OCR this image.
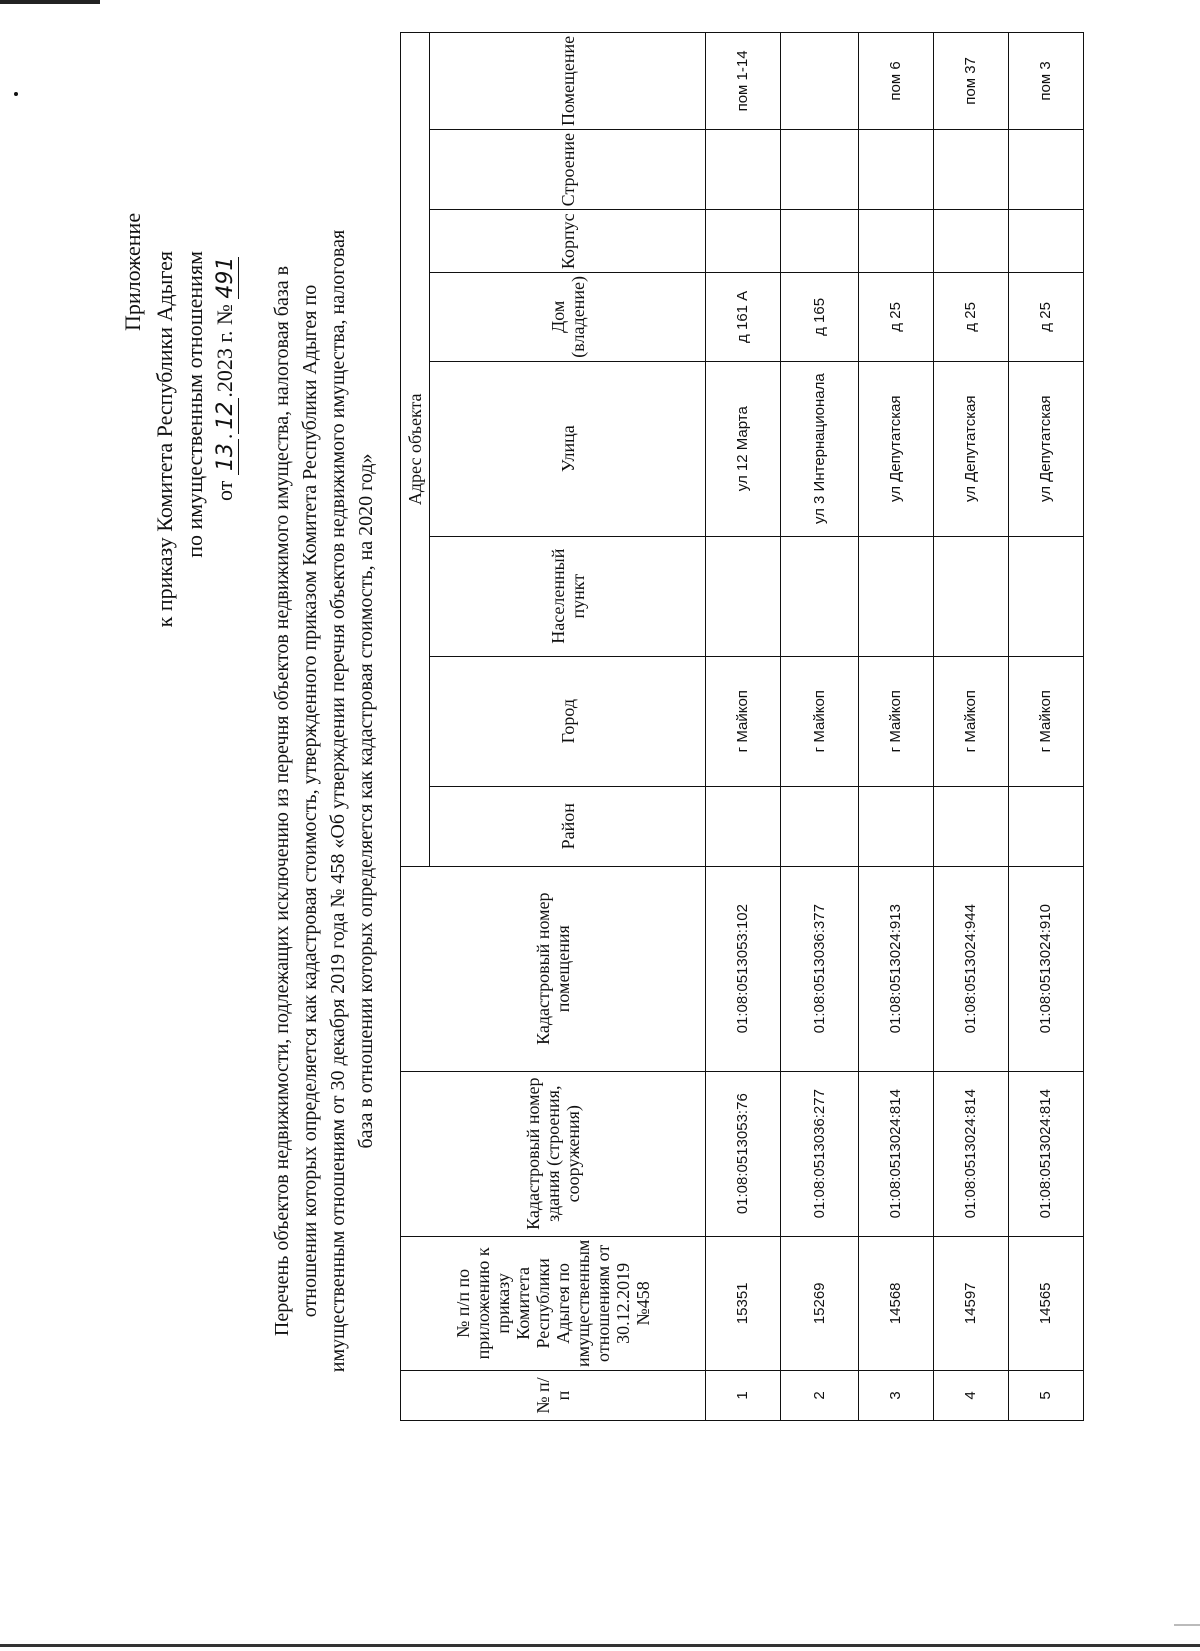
Приложение к приказу Комитета Республики Адыгея по имущественным отношениям от 13.12.2023 г. № 491 Перечень объектов недвижимости, подлежащих исключению из перечня объектов недвижимого имущества, налоговая база в отношении которых определяется как кадастровая стоимость, утвержденного приказом Комитета Республики Адыгея по имущественным отношениям от 30 декабря 2019 года № 458 «Об утверждении перечня объектов недвижимого имущества, налоговая база в отношении которых определяется как кадастровая стоимость, на 2020 год»
№ п/п	№ п/п по приложению к приказу Комитета Республики Адыгея по имущественным отношениям от 30.12.2019 №458	Кадастровый номер здания (строения, сооружения)	Кадастровый номер помещения	Адрес объекта							
				Район	Город	Населенный пункт	Улица	Дом (владение)	Корпус	Строение	Помещение
1	15351	01:08:0513053:76	01:08:0513053:102		г Майкоп		ул 12 Марта	д 161 А			пом 1-14
2	15269	01:08:0513036:277	01:08:0513036:377		г Майкоп		ул 3 Интернационала	д 165			
3	14568	01:08:0513024:814	01:08:0513024:913		г Майкоп		ул Депутатская	д 25			пом 6
4	14597	01:08:0513024:814	01:08:0513024:944		г Майкоп		ул Депутатская	д 25			пом 37
5	14565	01:08:0513024:814	01:08:0513024:910		г Майкоп		ул Депутатская	д 25			пом 3
